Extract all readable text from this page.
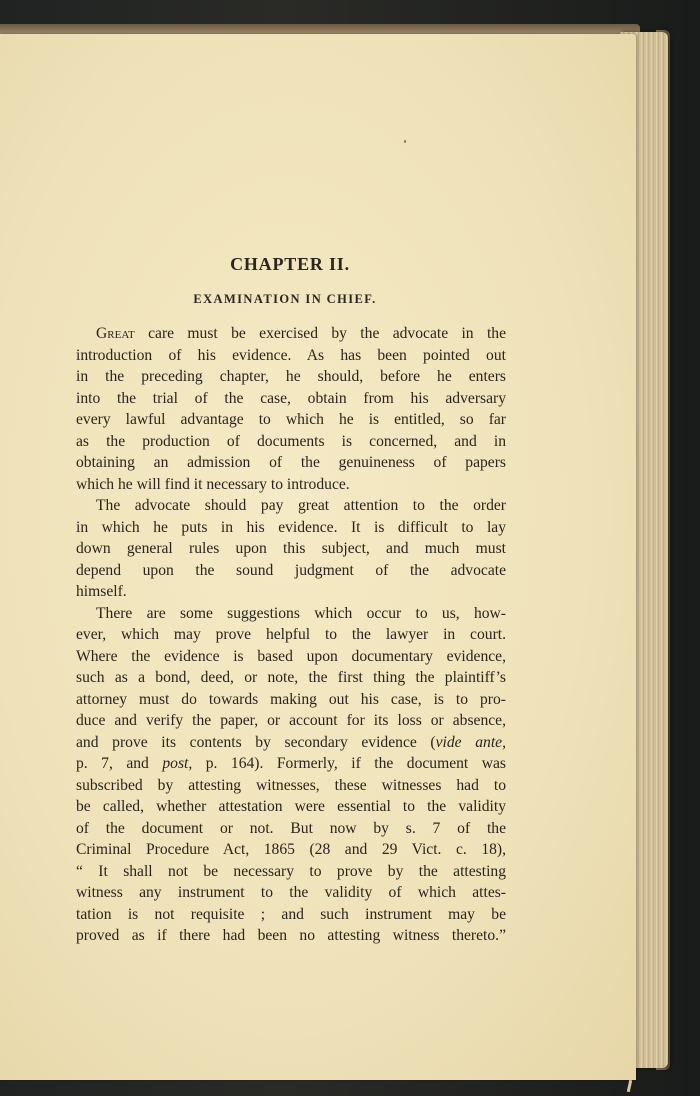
CHAPTER II.
EXAMINATION IN CHIEF.
Great care must be exercised by the advocate in the
introduction of his evidence. As has been pointed out
in the preceding chapter, he should, before he enters
into the trial of the case, obtain from his adversary
every lawful advantage to which he is entitled, so far
as the production of documents is concerned, and in
obtaining an admission of the genuineness of papers
which he will find it necessary to introduce.
The advocate should pay great attention to the order
in which he puts in his evidence. It is difficult to lay
down general rules upon this subject, and much must
depend upon the sound judgment of the advocate
himself.
There are some suggestions which occur to us, how-
ever, which may prove helpful to the lawyer in court.
Where the evidence is based upon documentary evidence,
such as a bond, deed, or note, the first thing the plaintiff’s
attorney must do towards making out his case, is to pro-
duce and verify the paper, or account for its loss or absence,
and prove its contents by secondary evidence (vide ante,
p. 7, and post, p. 164). Formerly, if the document was
subscribed by attesting witnesses, these witnesses had to
be called, whether attestation were essential to the validity
of the document or not. But now by s. 7 of the
Criminal Procedure Act, 1865 (28 and 29 Vict. c. 18),
“ It shall not be necessary to prove by the attesting
witness any instrument to the validity of which attes-
tation is not requisite ; and such instrument may be
proved as if there had been no attesting witness thereto.”
